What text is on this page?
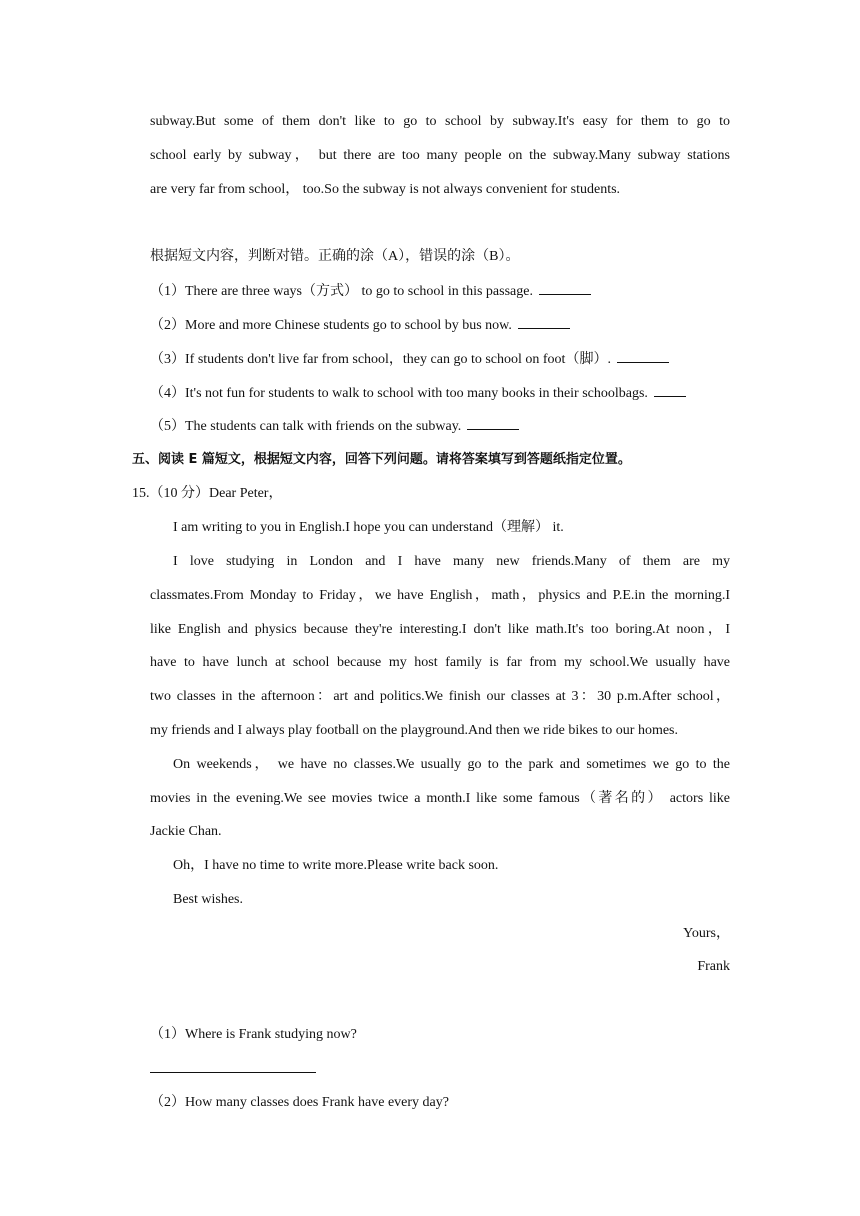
subway.But some of them don't like to go to school by subway.It's easy for them to go to
school early by subway， but there are too many people on the subway.Many subway stations
are very far from school， too.So the subway is not always convenient for students.
根据短文内容，判断对错。正确的涂（A），错误的涂（B）。
（1）There are three ways（方式） to go to school in this passage.
（2）More and more Chinese students go to school by bus now.
（3）If students don't live far from school，they can go to school on foot（脚）.
（4）It's not fun for students to walk to school with too many books in their schoolbags.
（5）The students can talk with friends on the subway.
五、阅读 E 篇短文，根据短文内容，回答下列问题。请将答案填写到答题纸指定位置。
15.（10 分）Dear Peter，
I am writing to you in English.I hope you can understand（理解） it.
I love studying in London and I have many new friends.Many of them are my
classmates.From Monday to Friday，we have English，math，physics and P.E.in the morning.I
like English and physics because they're interesting.I don't like math.It's too boring.At noon，I
have to have lunch at school because my host family is far from my school.We usually have
two classes in the afternoon：art and politics.We finish our classes at 3：30 p.m.After school，
my friends and I always play football on the playground.And then we ride bikes to our homes.
On weekends， we have no classes.We usually go to the park and sometimes we go to the
movies in the evening.We see movies twice a month.I like some famous（著名的） actors like
Jackie Chan.
Oh，I have no time to write more.Please write back soon.
Best wishes.
Yours，
Frank
（1）Where is Frank studying now?
（2）How many classes does Frank have every day?
